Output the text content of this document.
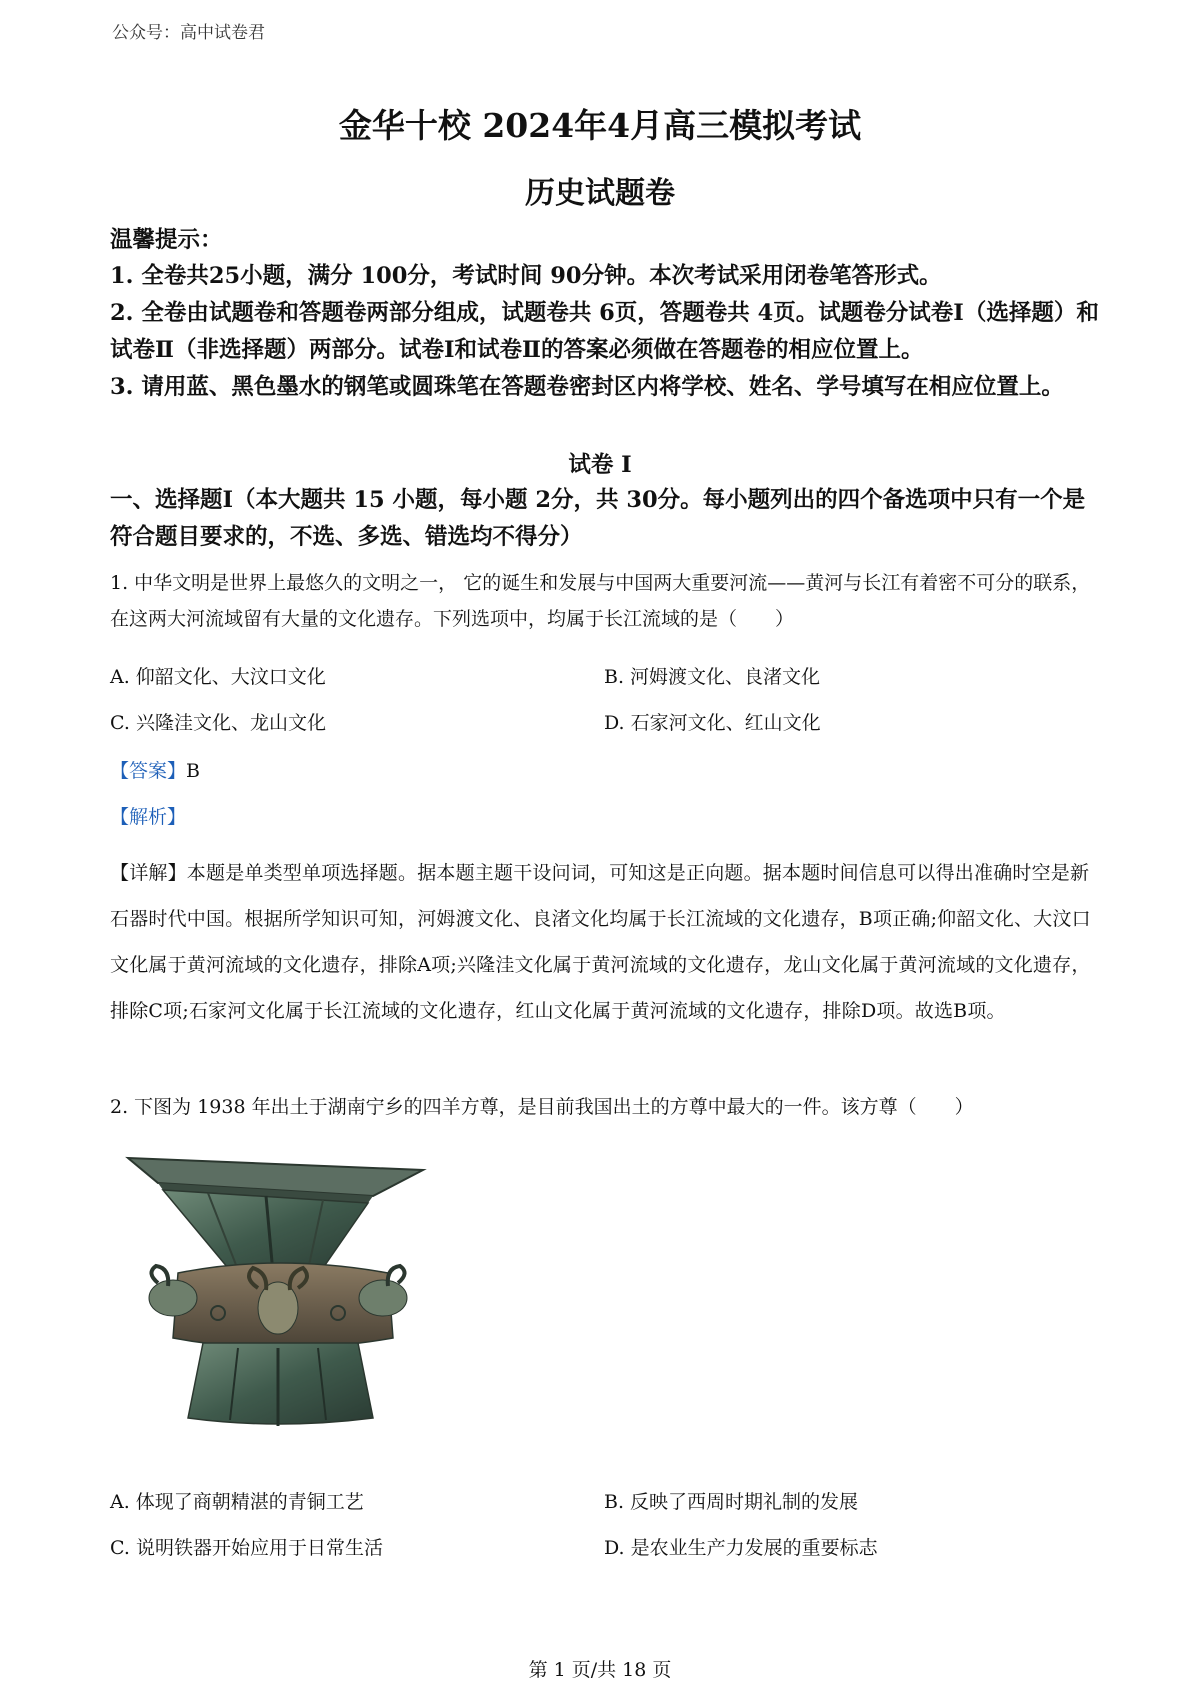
公众号：高中试卷君
金华十校 2024年4月高三模拟考试
历史试题卷
温馨提示：

1. 全卷共25小题，满分 100分，考试时间 90分钟。本次考试采用闭卷笔答形式。

2. 全卷由试题卷和答题卷两部分组成，试题卷共 6页，答题卷共 4页。试题卷分试卷Ⅰ（选择题）和试卷Ⅱ（非选择题）两部分。试卷Ⅰ和试卷Ⅱ的答案必须做在答题卷的相应位置上。

3. 请用蓝、黑色墨水的钢笔或圆珠笔在答题卷密封区内将学校、姓名、学号填写在相应位置上。

试卷 Ⅰ
一、选择题Ⅰ（本大题共 15 小题，每小题 2分，共 30分。每小题列出的四个备选项中只有一个是符合题目要求的，不选、多选、错选均不得分）
1. 中华文明是世界上最悠久的文明之一， 它的诞生和发展与中国两大重要河流——黄河与长江有着密不可分的联系，在这两大河流域留有大量的文化遗存。下列选项中，均属于长江流域的是（　　）
A. 仰韶文化、大汶口文化	B. 河姆渡文化、良渚文化
C. 兴隆洼文化、龙山文化	D. 石家河文化、红山文化
【答案】B
【解析】
【详解】本题是单类型单项选择题。据本题主题干设问词，可知这是正向题。据本题时间信息可以得出准确时空是新石器时代中国。根据所学知识可知，河姆渡文化、良渚文化均属于长江流域的文化遗存，B项正确;仰韶文化、大汶口文化属于黄河流域的文化遗存，排除A项;兴隆洼文化属于黄河流域的文化遗存，龙山文化属于黄河流域的文化遗存，排除C项;石家河文化属于长江流域的文化遗存，红山文化属于黄河流域的文化遗存，排除D项。故选B项。
2. 下图为 1938 年出土于湖南宁乡的四羊方尊，是目前我国出土的方尊中最大的一件。该方尊（　　）
A. 体现了商朝精湛的青铜工艺	B. 反映了西周时期礼制的发展
C. 说明铁器开始应用于日常生活	D. 是农业生产力发展的重要标志
第 1 页/共 18 页
